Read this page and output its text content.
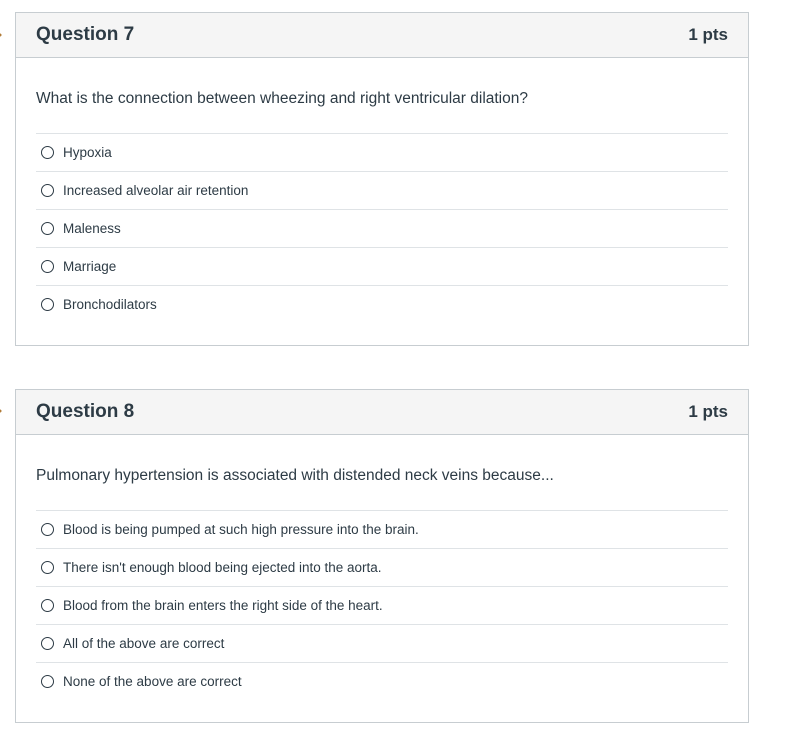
Question 7	1 pts
What is the connection between wheezing and right ventricular dilation?
Hypoxia
Increased alveolar air retention
Maleness
Marriage
Bronchodilators
Question 8	1 pts
Pulmonary hypertension is associated with distended neck veins because...
Blood is being pumped at such high pressure into the brain.
There isn't enough blood being ejected into the aorta.
Blood from the brain enters the right side of the heart.
All of the above are correct
None of the above are correct
